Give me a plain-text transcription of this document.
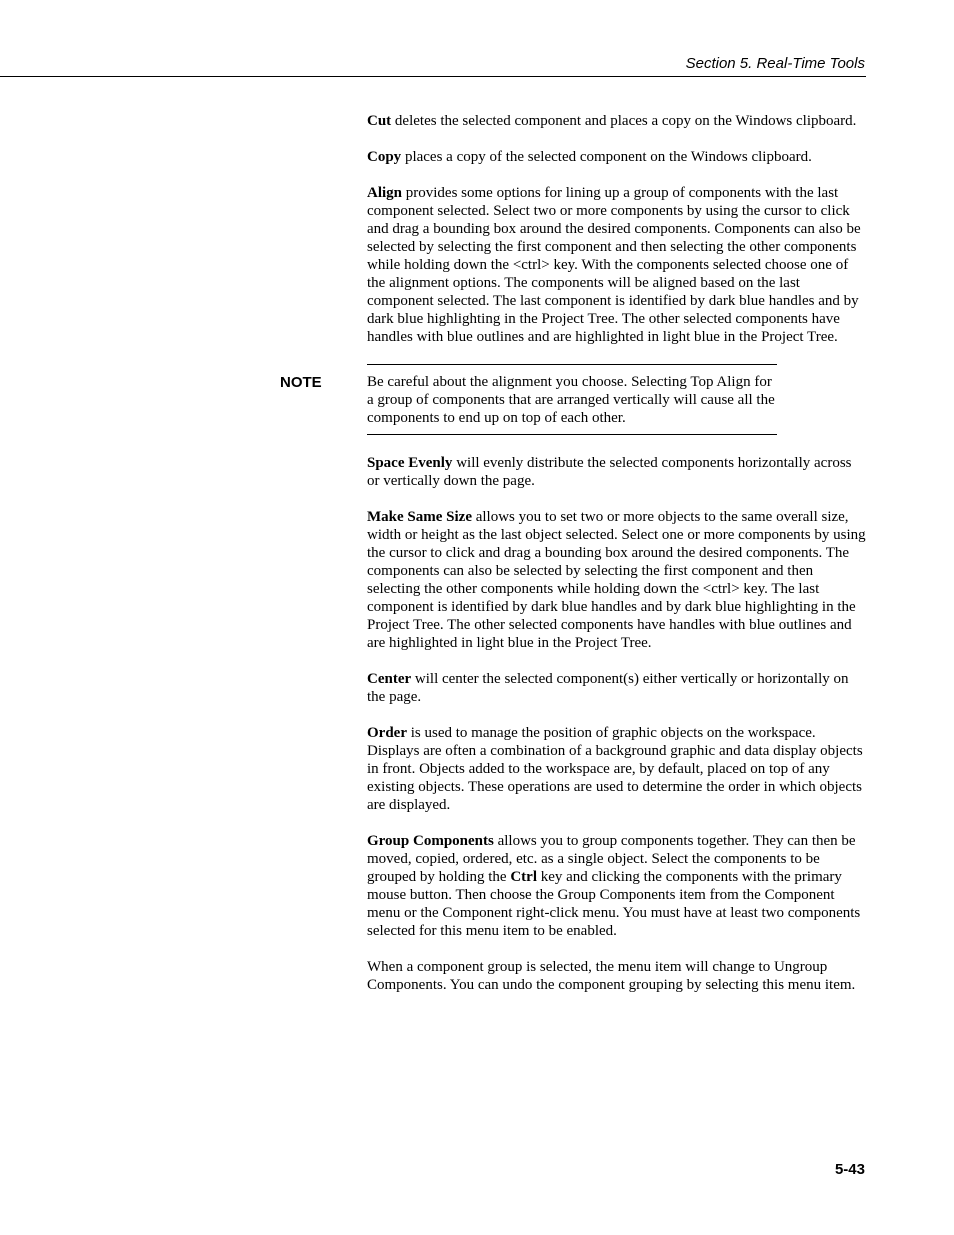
Section 5. Real-Time Tools

Cut deletes the selected component and places a copy on the Windows clipboard.

Copy places a copy of the selected component on the Windows clipboard.

Align provides some options for lining up a group of components with the last component selected. Select two or more components by using the cursor to click and drag a bounding box around the desired components. Components can also be selected by selecting the first component and then selecting the other components while holding down the <ctrl> key. With the components selected choose one of the alignment options. The components will be aligned based on the last component selected. The last component is identified by dark blue handles and by dark blue highlighting in the Project Tree. The other selected components have handles with blue outlines and are highlighted in light blue in the Project Tree.

NOTE	Be careful about the alignment you choose. Selecting Top Align for a group of components that are arranged vertically will cause all the components to end up on top of each other.

Space Evenly will evenly distribute the selected components horizontally across or vertically down the page.

Make Same Size allows you to set two or more objects to the same overall size, width or height as the last object selected. Select one or more components by using the cursor to click and drag a bounding box around the desired components. The components can also be selected by selecting the first component and then selecting the other components while holding down the <ctrl> key. The last component is identified by dark blue handles and by dark blue highlighting in the Project Tree. The other selected components have handles with blue outlines and are highlighted in light blue in the Project Tree.

Center will center the selected component(s) either vertically or horizontally on the page.

Order is used to manage the position of graphic objects on the workspace. Displays are often a combination of a background graphic and data display objects in front. Objects added to the workspace are, by default, placed on top of any existing objects. These operations are used to determine the order in which objects are displayed.

Group Components allows you to group components together. They can then be moved, copied, ordered, etc. as a single object. Select the components to be grouped by holding the Ctrl key and clicking the components with the primary mouse button. Then choose the Group Components item from the Component menu or the Component right-click menu. You must have at least two components selected for this menu item to be enabled.

When a component group is selected, the menu item will change to Ungroup Components. You can undo the component grouping by selecting this menu item.

5-43
